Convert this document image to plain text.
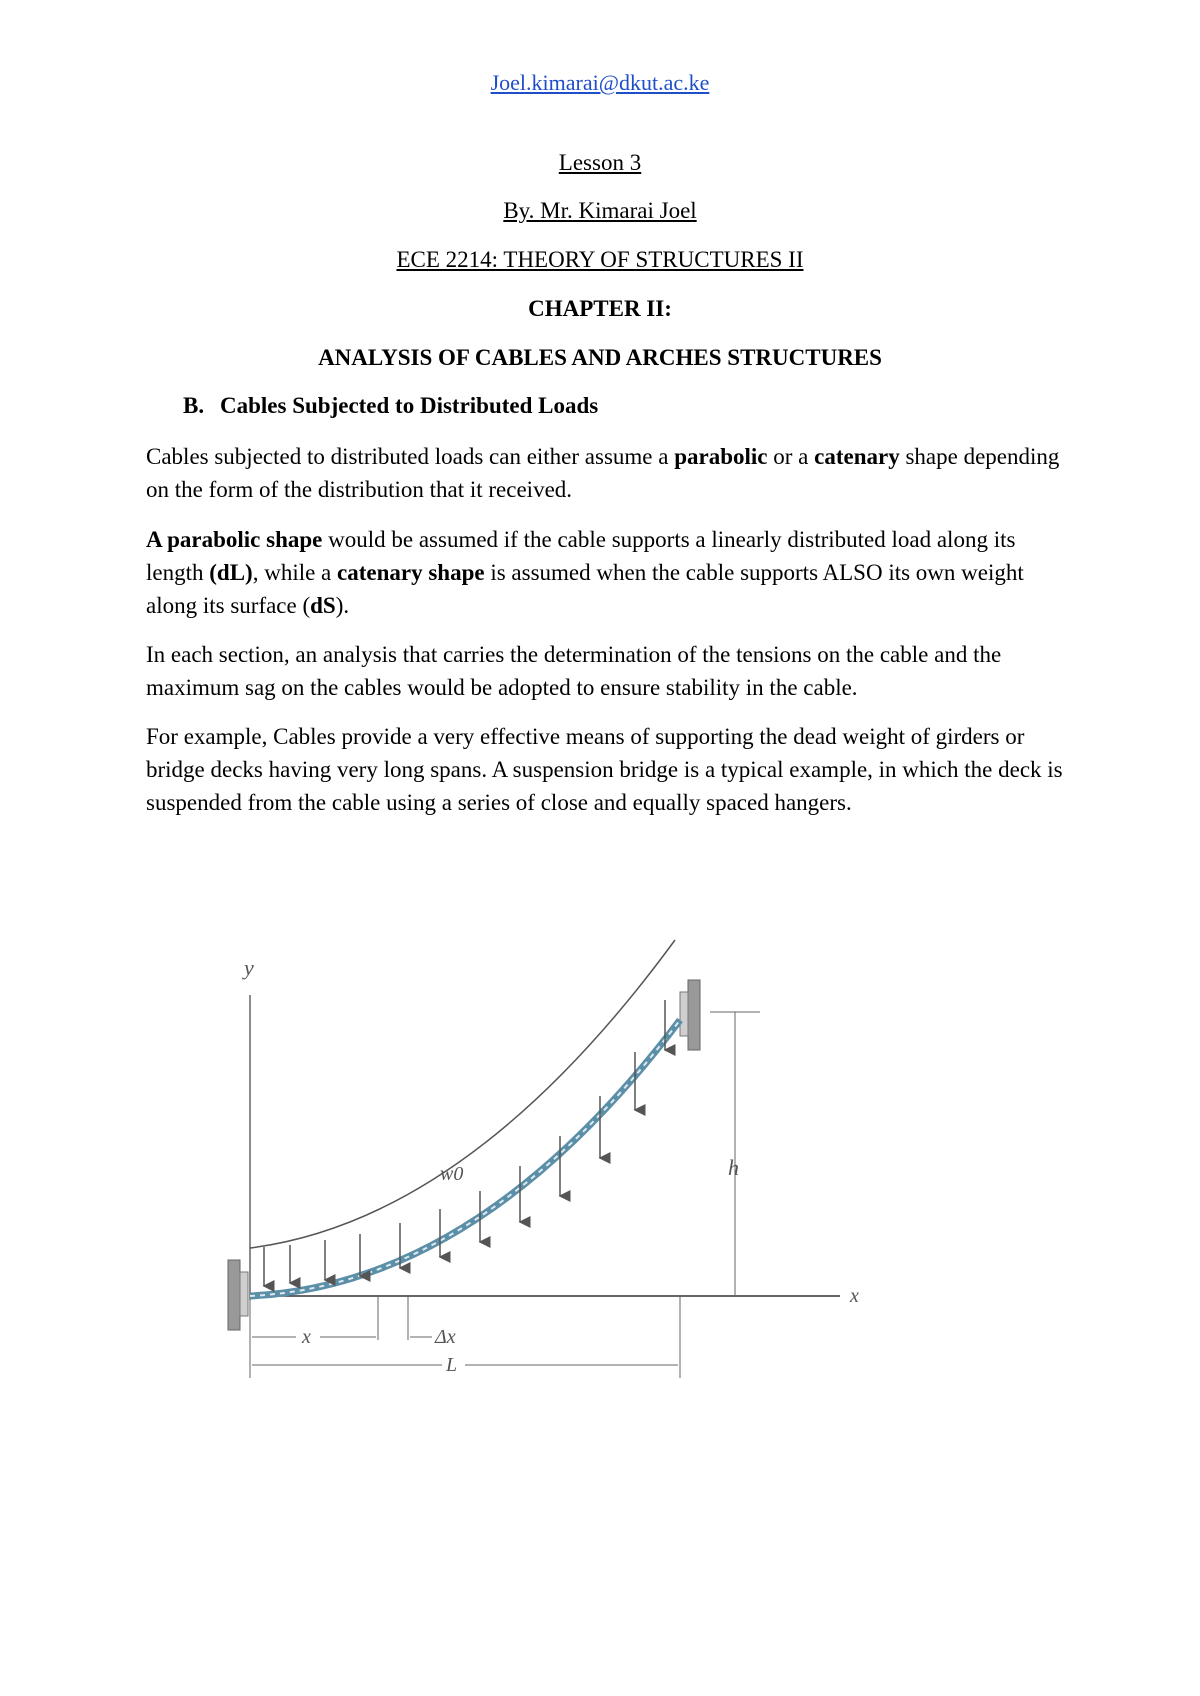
Joel.kimarai@dkut.ac.ke
Lesson 3
By. Mr. Kimarai Joel
ECE 2214: THEORY OF STRUCTURES II
CHAPTER II:
ANALYSIS OF CABLES AND ARCHES STRUCTURES
B. Cables Subjected to Distributed Loads
Cables subjected to distributed loads can either assume a parabolic or a catenary shape depending on the form of the distribution that it received.
A parabolic shape would be assumed if the cable supports a linearly distributed load along its length (dL), while a catenary shape is assumed when the cable supports ALSO its own weight along its surface (dS).
In each section, an analysis that carries the determination of the tensions on the cable and the maximum sag on the cables would be adopted to ensure stability in the cable.
For example, Cables provide a very effective means of supporting the dead weight of girders or bridge decks having very long spans. A suspension bridge is a typical example, in which the deck is suspended from the cable using a series of close and equally spaced hangers.
y
x
w0	h
x	Δx
L
